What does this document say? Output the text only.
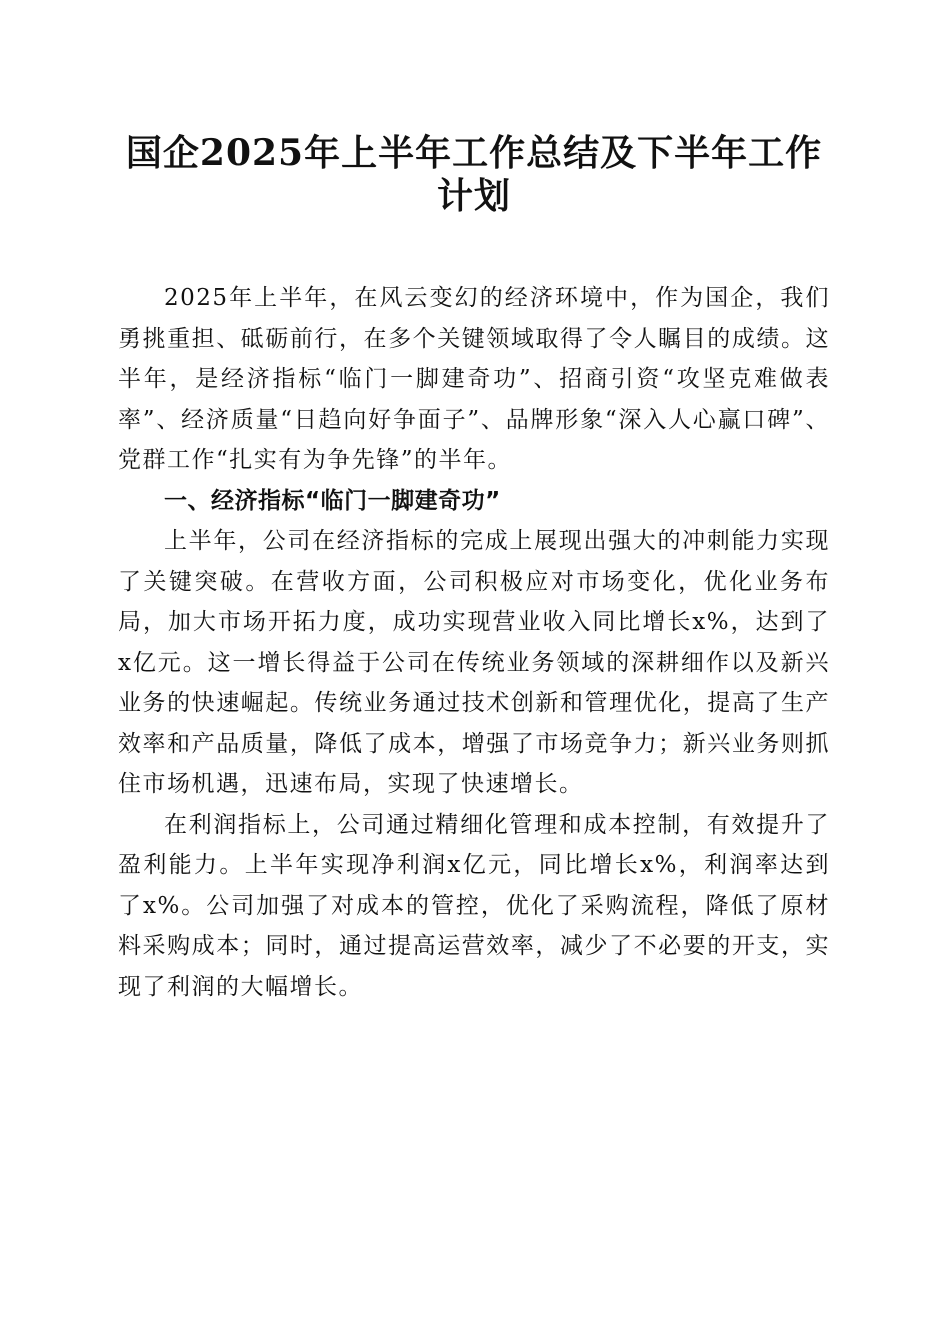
国企2025年上半年工作总结及下半年工作计划

2025年上半年，在风云变幻的经济环境中，作为国企，我们勇挑重担、砥砺前行，在多个关键领域取得了令人瞩目的成绩。这半年，是经济指标“临门一脚建奇功”、招商引资“攻坚克难做表率”、经济质量“日趋向好争面子”、品牌形象“深入人心赢口碑”、党群工作“扎实有为争先锋”的半年。

一、经济指标“临门一脚建奇功”

上半年，公司在经济指标的完成上展现出强大的冲刺能力实现了关键突破。在营收方面，公司积极应对市场变化，优化业务布局，加大市场开拓力度，成功实现营业收入同比增长x%，达到了x亿元。这一增长得益于公司在传统业务领域的深耕细作以及新兴业务的快速崛起。传统业务通过技术创新和管理优化，提高了生产效率和产品质量，降低了成本，增强了市场竞争力；新兴业务则抓住市场机遇，迅速布局，实现了快速增长。

在利润指标上，公司通过精细化管理和成本控制，有效提升了盈利能力。上半年实现净利润x亿元，同比增长x%，利润率达到了x%。公司加强了对成本的管控，优化了采购流程，降低了原材料采购成本；同时，通过提高运营效率，减少了不必要的开支，实现了利润的大幅增长。
